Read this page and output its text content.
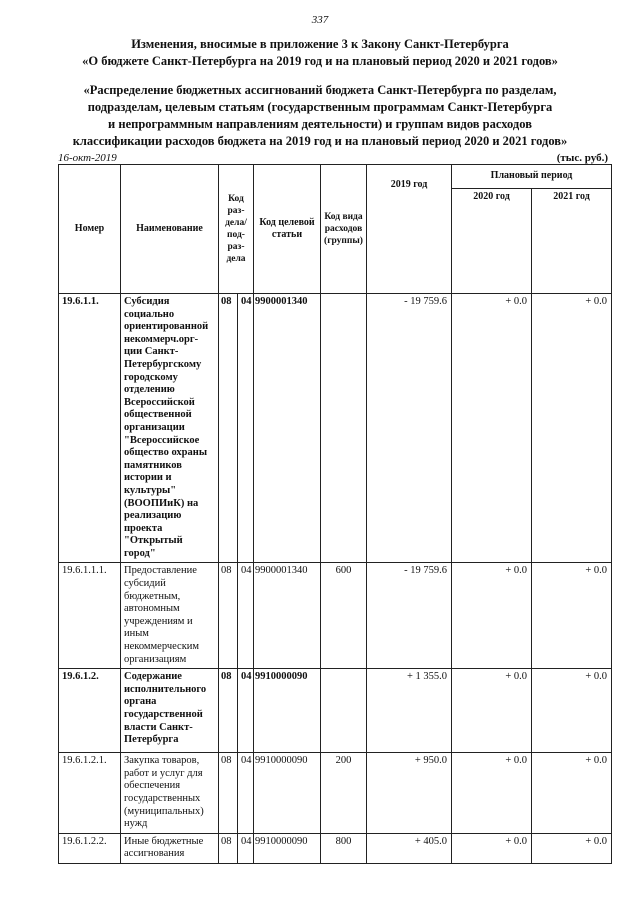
337
Изменения, вносимые в приложение 3 к Закону Санкт-Петербурга
«О бюджете Санкт-Петербурга на 2019 год и на плановый период 2020 и 2021 годов»
«Распределение бюджетных ассигнований бюджета Санкт-Петербурга по разделам,
подразделам, целевым статьям (государственным программам Санкт-Петербурга
и непрограммным направлениям деятельности) и группам видов расходов
классификации расходов бюджета на 2019 год и на плановый период 2020 и 2021 годов»
16-окт-2019	(тыс. руб.)
Номер	Наименование	Код раз-дела/ под-раз-дела		Код целевой статьи	Код вида расходов (группы)	2019 год	Плановый период	
							2020 год	2021 год
19.6.1.1.	Субсидия социально ориентированной некоммерч.орг-ции Санкт-Петербургскому городскому отделению Всероссийской общественной организации "Всероссийское общество охраны памятников истории и культуры" (ВООПИиК) на реализацию проекта "Открытый город"	08	04	9900001340		- 19 759.6	+ 0.0	+ 0.0
19.6.1.1.1.	Предоставление субсидий бюджетным, автономным учреждениям и иным некоммерческим организациям	08	04	9900001340	600	- 19 759.6	+ 0.0	+ 0.0
19.6.1.2.	Содержание исполнительного органа государственной власти Санкт-Петербурга	08	04	9910000090		+ 1 355.0	+ 0.0	+ 0.0
19.6.1.2.1.	Закупка товаров, работ и услуг для обеспечения государственных (муниципальных) нужд	08	04	9910000090	200	+ 950.0	+ 0.0	+ 0.0
19.6.1.2.2.	Иные бюджетные ассигнования	08	04	9910000090	800	+ 405.0	+ 0.0	+ 0.0
